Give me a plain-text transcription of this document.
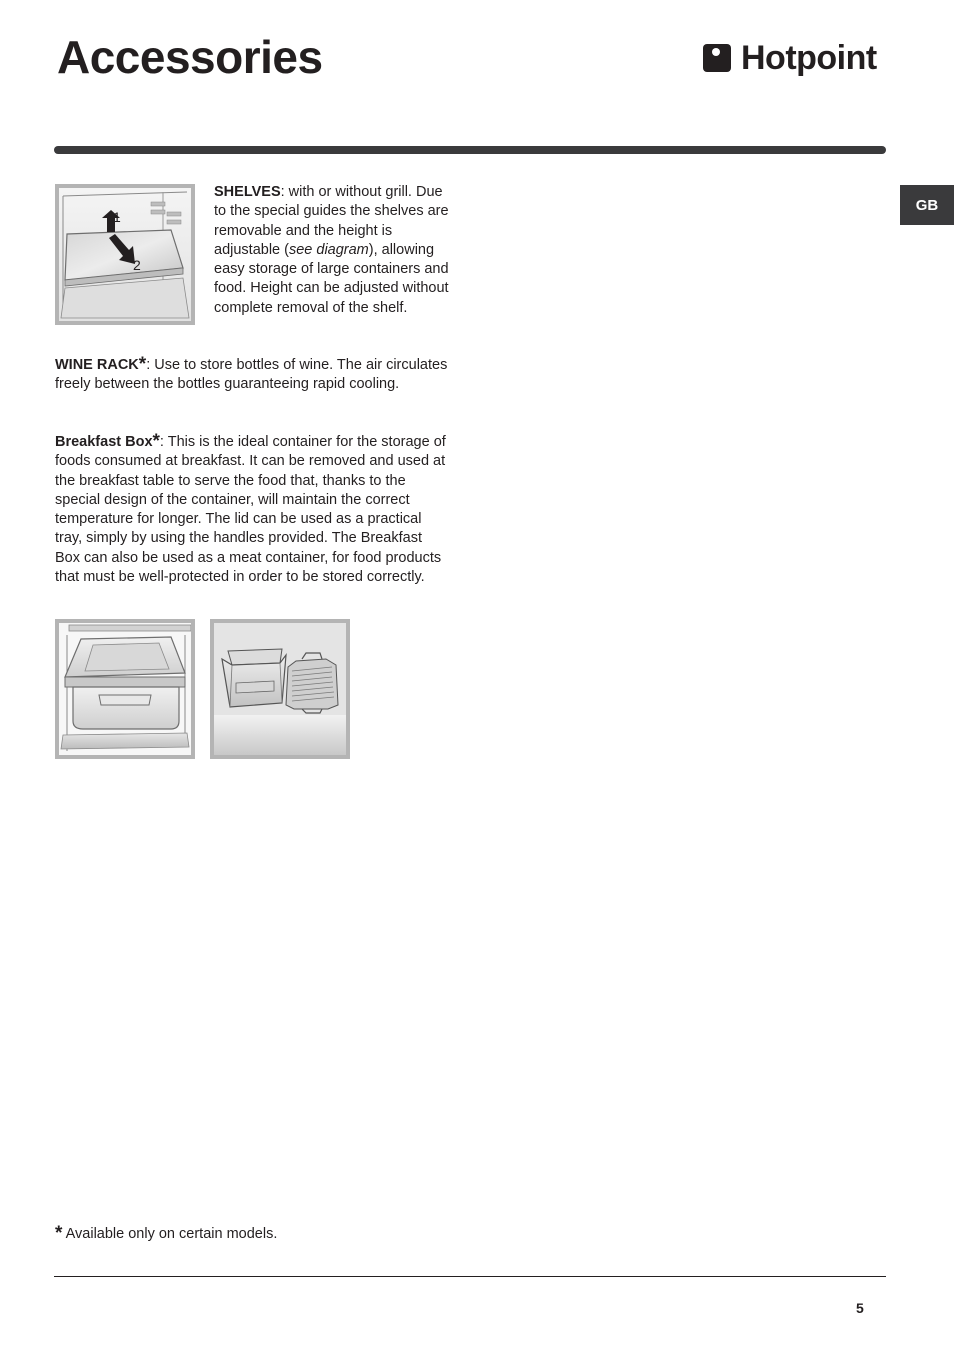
Accessories	Hotpoint
GB
1
2
SHELVES: with or without grill. Due to the special guides the shelves are removable and the height is adjustable (see diagram), allowing easy storage of large containers and food. Height can be adjusted without complete removal of the shelf.
WINE RACK*: Use to store bottles of wine. The air circulates freely between the bottles guaranteeing rapid cooling.
Breakfast Box*: This is the ideal container for the storage of foods consumed at breakfast. It can be removed and used at the breakfast table to serve the food that, thanks to the special design of the container, will maintain the correct temperature for longer. The lid can be used as a practical tray, simply by using the handles provided. The Breakfast Box can also be used as a meat container, for food products that must be well-protected in order to be stored correctly.
* Available only on certain models.
5
